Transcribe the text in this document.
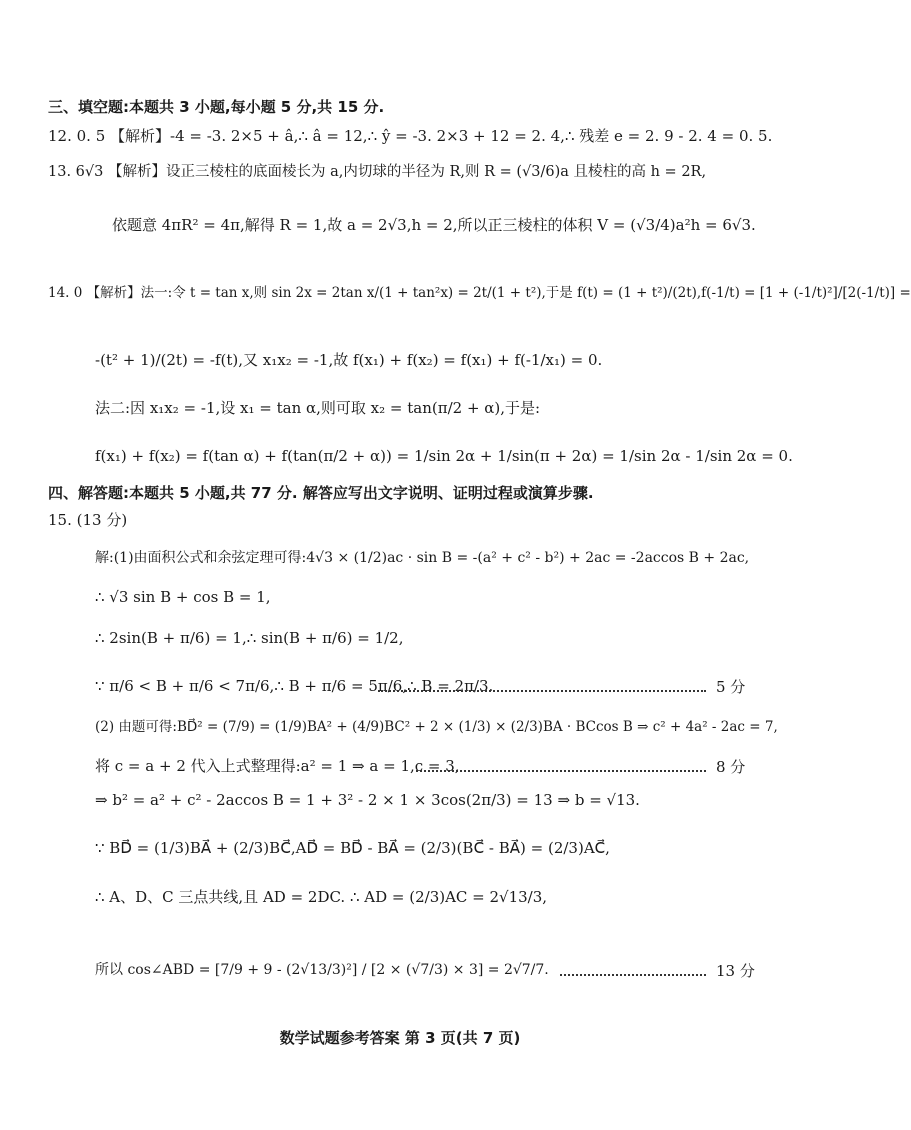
三、填空题:本题共 3 小题,每小题 5 分,共 15 分.
12. 0. 5 【解析】-4 = -3. 2×5 + â,∴ â = 12,∴ ŷ = -3. 2×3 + 12 = 2. 4,∴ 残差 e = 2. 9 - 2. 4 = 0. 5.
13. 6√3 【解析】设正三棱柱的底面棱长为 a,内切球的半径为 R,则 R = (√3/6)a 且棱柱的高 h = 2R,
依题意 4πR² = 4π,解得 R = 1,故 a = 2√3,h = 2,所以正三棱柱的体积 V = (√3/4)a²h = 6√3.
14. 0 【解析】法一:令 t = tan x,则 sin 2x = 2tan x/(1 + tan²x) = 2t/(1 + t²),于是 f(t) = (1 + t²)/(2t),f(-1/t) = [1 + (-1/t)²]/[2(-1/t)] =
-(t² + 1)/(2t) = -f(t),又 x₁x₂ = -1,故 f(x₁) + f(x₂) = f(x₁) + f(-1/x₁) = 0.
法二:因 x₁x₂ = -1,设 x₁ = tan α,则可取 x₂ = tan(π/2 + α),于是:
f(x₁) + f(x₂) = f(tan α) + f(tan(π/2 + α)) = 1/sin 2α + 1/sin(π + 2α) = 1/sin 2α - 1/sin 2α = 0.
四、解答题:本题共 5 小题,共 77 分. 解答应写出文字说明、证明过程或演算步骤.
15. (13 分)
解:(1)由面积公式和余弦定理可得:4√3 × (1/2)ac · sin B = -(a² + c² - b²) + 2ac = -2accos B + 2ac,
∴ √3 sin B + cos B = 1,
∴ 2sin(B + π/6) = 1,∴ sin(B + π/6) = 1/2,
∵ π/6 < B + π/6 < 7π/6,∴ B + π/6 = 5π/6,∴ B = 2π/3.	5 分
(2) 由题可得:BD⃗² = (7/9) = (1/9)BA² + (4/9)BC² + 2 × (1/3) × (2/3)BA · BCcos B ⇒ c² + 4a² - 2ac = 7,
将 c = a + 2 代入上式整理得:a² = 1 ⇒ a = 1,c = 3,	8 分
⇒ b² = a² + c² - 2accos B = 1 + 3² - 2 × 1 × 3cos(2π/3) = 13 ⇒ b = √13.
∵ BD⃗ = (1/3)BA⃗ + (2/3)BC⃗,AD⃗ = BD⃗ - BA⃗ = (2/3)(BC⃗ - BA⃗) = (2/3)AC⃗,
∴ A、D、C 三点共线,且 AD = 2DC. ∴ AD = (2/3)AC = 2√13/3,
所以 cos∠ABD = [7/9 + 9 - (2√13/3)²] / [2 × (√7/3) × 3] = 2√7/7.	13 分
数学试题参考答案 第 3 页(共 7 页)
